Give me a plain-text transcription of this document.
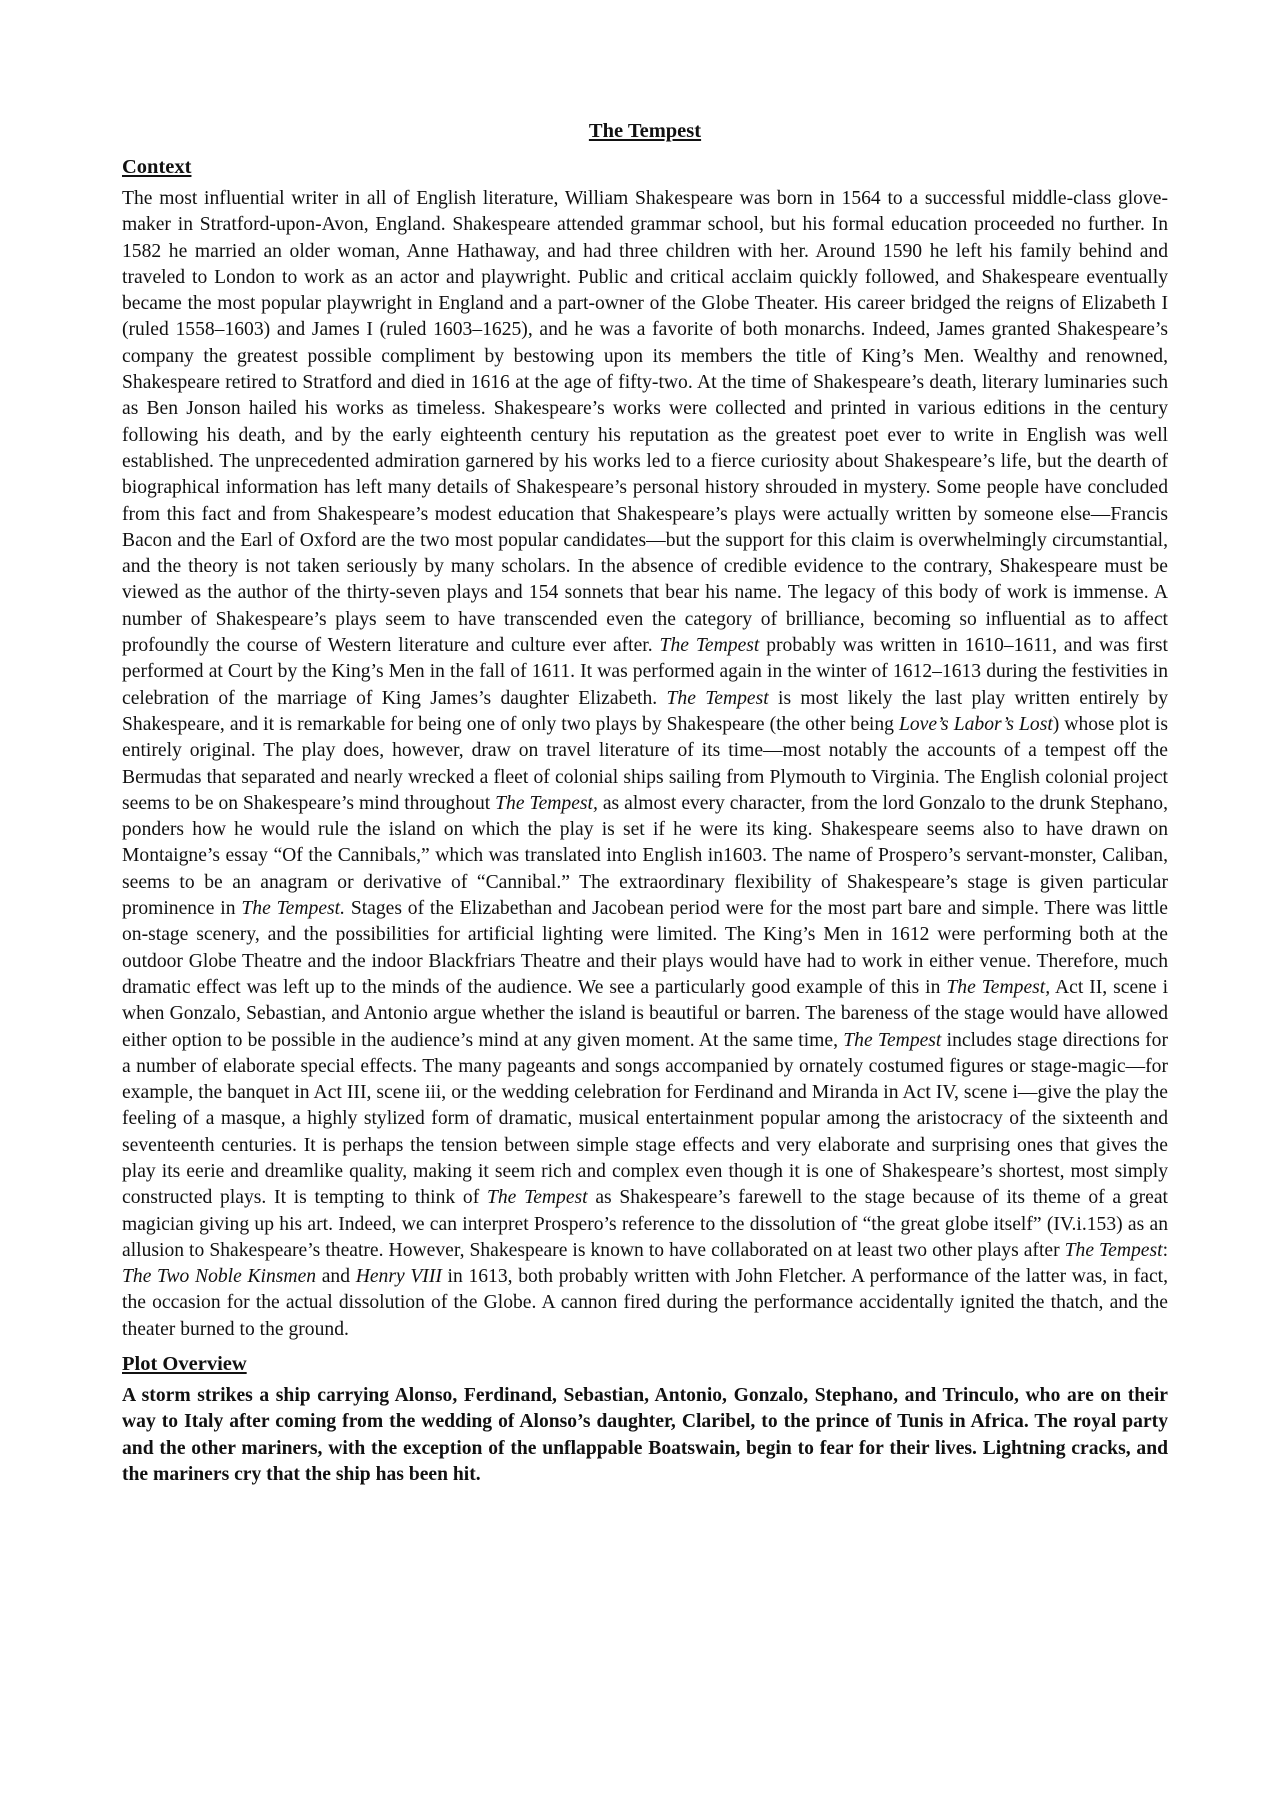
The Tempest
Context

The most influential writer in all of English literature, William Shakespeare was born in 1564 to a successful middle-class glove-maker in Stratford-upon-Avon, England. Shakespeare attended grammar school, but his formal education proceeded no further. In 1582 he married an older woman, Anne Hathaway, and had three children with her. Around 1590 he left his family behind and traveled to London to work as an actor and playwright. Public and critical acclaim quickly followed, and Shakespeare eventually became the most popular playwright in England and a part-owner of the Globe Theater. His career bridged the reigns of Elizabeth I (ruled 1558–1603) and James I (ruled 1603–1625), and he was a favorite of both monarchs. Indeed, James granted Shakespeare’s company the greatest possible compliment by bestowing upon its members the title of King’s Men. Wealthy and renowned, Shakespeare retired to Stratford and died in 1616 at the age of fifty-two. At the time of Shakespeare’s death, literary luminaries such as Ben Jonson hailed his works as timeless. Shakespeare’s works were collected and printed in various editions in the century following his death, and by the early eighteenth century his reputation as the greatest poet ever to write in English was well established. The unprecedented admiration garnered by his works led to a fierce curiosity about Shakespeare’s life, but the dearth of biographical information has left many details of Shakespeare’s personal history shrouded in mystery. Some people have concluded from this fact and from Shakespeare’s modest education that Shakespeare’s plays were actually written by someone else—Francis Bacon and the Earl of Oxford are the two most popular candidates—but the support for this claim is overwhelmingly circumstantial, and the theory is not taken seriously by many scholars. In the absence of credible evidence to the contrary, Shakespeare must be viewed as the author of the thirty-seven plays and 154 sonnets that bear his name. The legacy of this body of work is immense. A number of Shakespeare’s plays seem to have transcended even the category of brilliance, becoming so influential as to affect profoundly the course of Western literature and culture ever after. The Tempest probably was written in 1610–1611, and was first performed at Court by the King’s Men in the fall of 1611. It was performed again in the winter of 1612–1613 during the festivities in celebration of the marriage of King James’s daughter Elizabeth. The Tempest is most likely the last play written entirely by Shakespeare, and it is remarkable for being one of only two plays by Shakespeare (the other being Love’s Labor’s Lost) whose plot is entirely original. The play does, however, draw on travel literature of its time—most notably the accounts of a tempest off the Bermudas that separated and nearly wrecked a fleet of colonial ships sailing from Plymouth to Virginia. The English colonial project seems to be on Shakespeare’s mind throughout The Tempest, as almost every character, from the lord Gonzalo to the drunk Stephano, ponders how he would rule the island on which the play is set if he were its king. Shakespeare seems also to have drawn on Montaigne’s essay “Of the Cannibals,” which was translated into English in1603. The name of Prospero’s servant-monster, Caliban, seems to be an anagram or derivative of “Cannibal.” The extraordinary flexibility of Shakespeare’s stage is given particular prominence in The Tempest. Stages of the Elizabethan and Jacobean period were for the most part bare and simple. There was little on-stage scenery, and the possibilities for artificial lighting were limited. The King’s Men in 1612 were performing both at the outdoor Globe Theatre and the indoor Blackfriars Theatre and their plays would have had to work in either venue. Therefore, much dramatic effect was left up to the minds of the audience. We see a particularly good example of this in The Tempest, Act II, scene i when Gonzalo, Sebastian, and Antonio argue whether the island is beautiful or barren. The bareness of the stage would have allowed either option to be possible in the audience’s mind at any given moment. At the same time, The Tempest includes stage directions for a number of elaborate special effects. The many pageants and songs accompanied by ornately costumed figures or stage-magic—for example, the banquet in Act III, scene iii, or the wedding celebration for Ferdinand and Miranda in Act IV, scene i—give the play the feeling of a masque, a highly stylized form of dramatic, musical entertainment popular among the aristocracy of the sixteenth and seventeenth centuries. It is perhaps the tension between simple stage effects and very elaborate and surprising ones that gives the play its eerie and dreamlike quality, making it seem rich and complex even though it is one of Shakespeare’s shortest, most simply constructed plays. It is tempting to think of The Tempest as Shakespeare’s farewell to the stage because of its theme of a great magician giving up his art. Indeed, we can interpret Prospero’s reference to the dissolution of “the great globe itself” (IV.i.153) as an allusion to Shakespeare’s theatre. However, Shakespeare is known to have collaborated on at least two other plays after The Tempest: The Two Noble Kinsmen and Henry VIII in 1613, both probably written with John Fletcher. A performance of the latter was, in fact, the occasion for the actual dissolution of the Globe. A cannon fired during the performance accidentally ignited the thatch, and the theater burned to the ground.

Plot Overview

A storm strikes a ship carrying Alonso, Ferdinand, Sebastian, Antonio, Gonzalo, Stephano, and Trinculo, who are on their way to Italy after coming from the wedding of Alonso’s daughter, Claribel, to the prince of Tunis in Africa. The royal party and the other mariners, with the exception of the unflappable Boatswain, begin to fear for their lives. Lightning cracks, and the mariners cry that the ship has been hit.
